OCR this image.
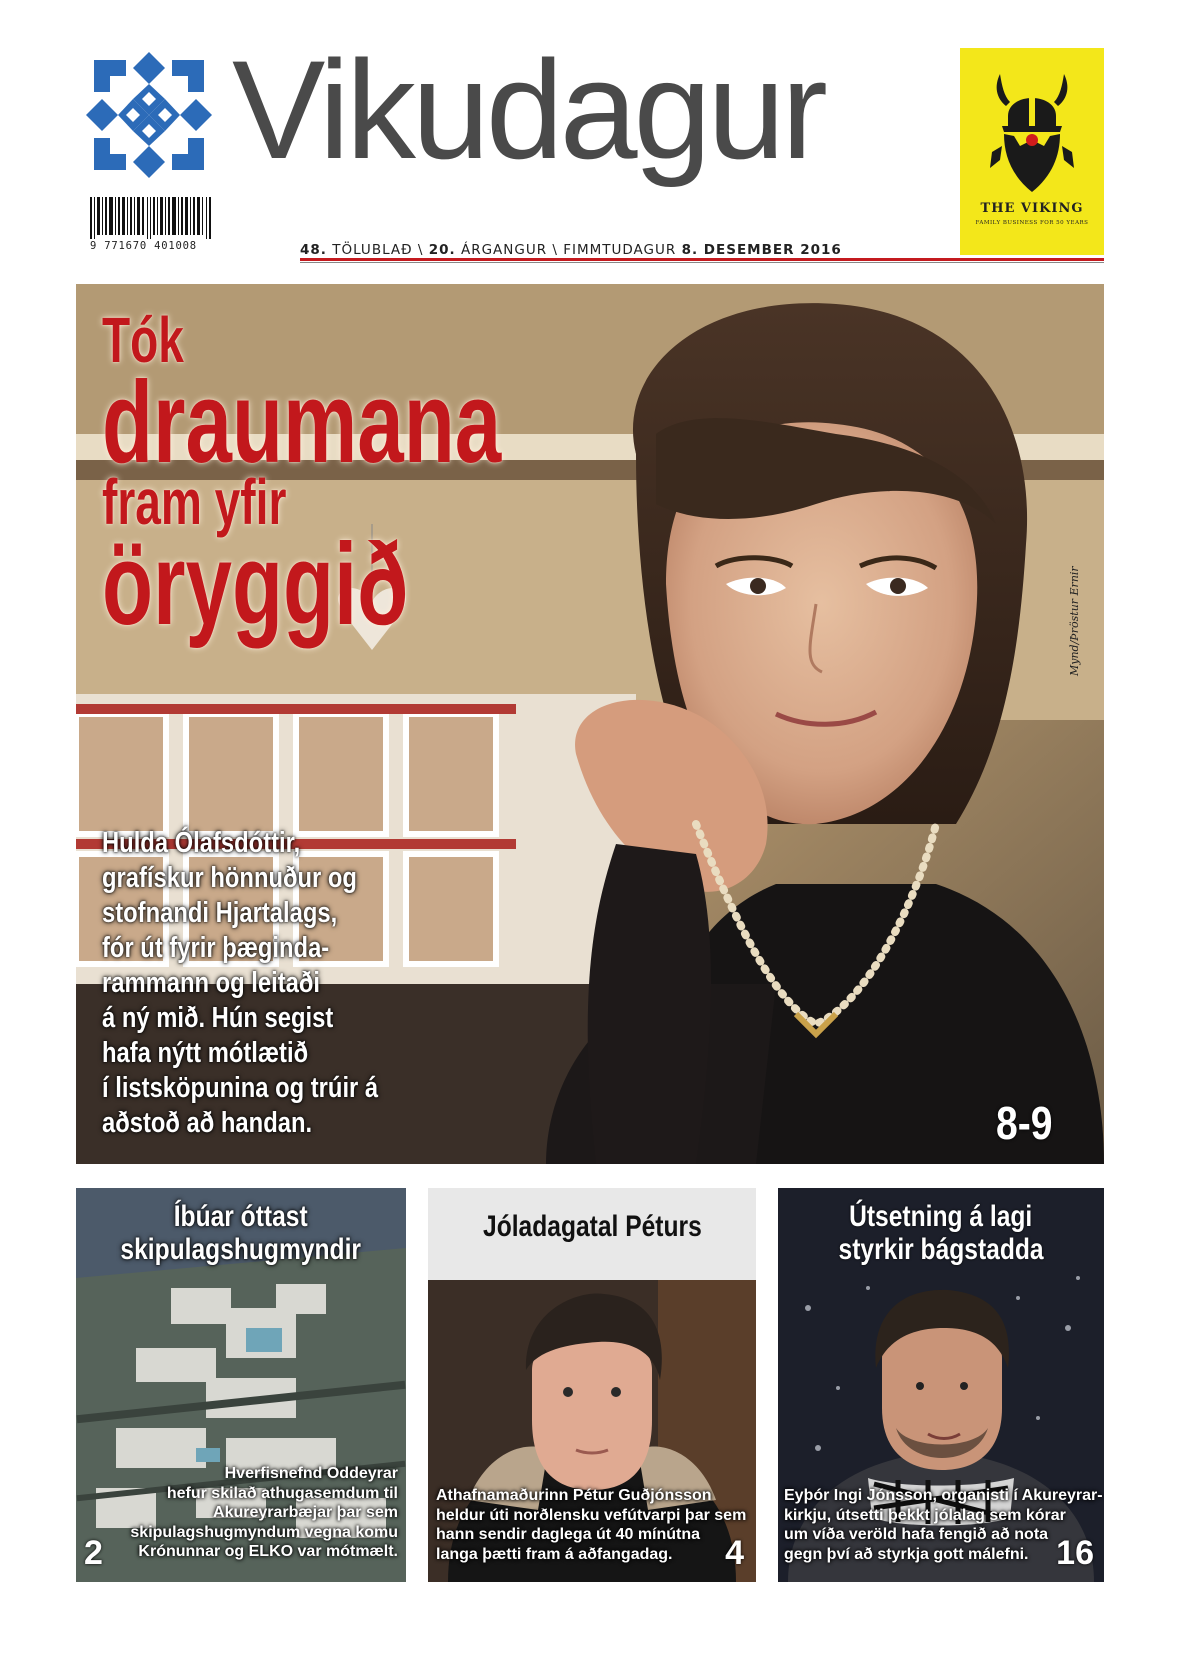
Vikudagur
9 771670 401008	48. TÖLUBLAÐ \ 20. ÁRGANGUR \ FIMMTUDAGUR 8. DESEMBER 2016
THE VIKING
FAMILY BUSINESS FOR 50 YEARS
Tók
draumana
fram yfir
öryggið
Hulda Ólafsdóttir,
grafískur hönnuður og
stofnandi Hjartalags,
fór út fyrir þæginda-
rammann og leitaði
á ný mið. Hún segist
hafa nýtt mótlætið
í listsköpunina og trúir á
aðstoð að handan.	8-9
Mynd/Þröstur Ernir
Íbúar óttast
skipulagshugmyndir
Hverfisnefnd Oddeyrar
hefur skilað athugasemdum til
Akureyrarbæjar þar sem
skipulagshugmyndum vegna komu
Krónunnar og ELKO var mótmælt.
2
Jóladagatal Péturs
Athafnamaðurinn Pétur Guðjónsson
heldur úti norðlensku vefútvarpi þar sem
hann sendir daglega út 40 mínútna
langa þætti fram á aðfangadag.	4
Útsetning á lagi
styrkir bágstadda
Eyþór Ingi Jónsson, organisti í Akureyrar-
kirkju, útsetti þekkt jólalag sem kórar
um víða veröld hafa fengið að nota
gegn því að styrkja gott málefni. 16
